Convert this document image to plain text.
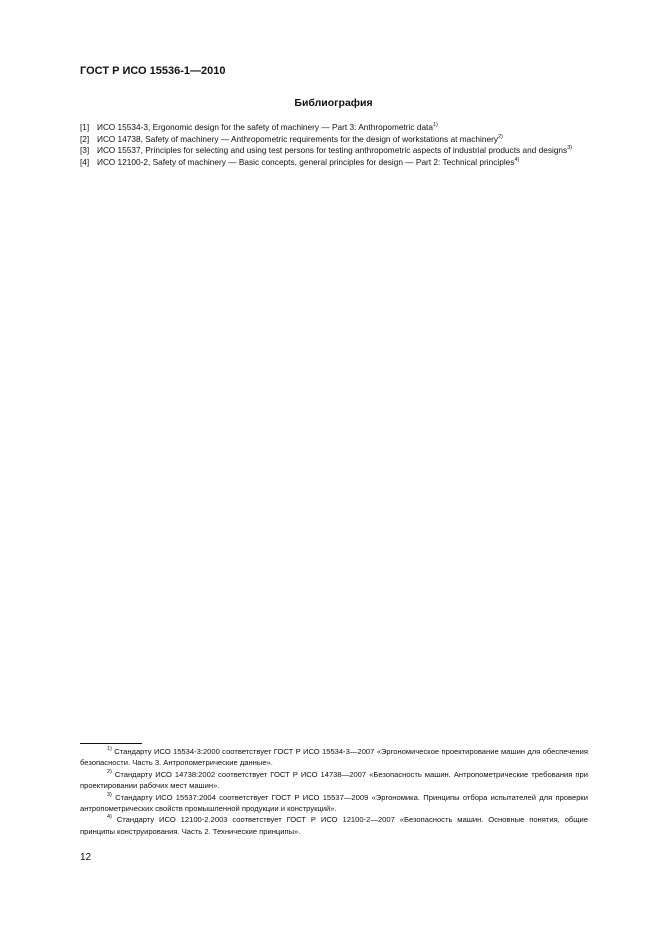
ГОСТ Р ИСО 15536-1—2010
Библиография
[1] ИСО 15534-3, Ergonomic design for the safety of machinery — Part 3: Anthropometric data$^{1)}$
[2] ИСО 14738, Safety of machinery — Anthropometric requirements for the design of workstations at machinery$^{2)}$
[3] ИСО 15537, Principles for selecting and using test persons for testing anthropometric aspects of industrial products and designs$^{3)}$
[4] ИСО 12100-2, Safety of machinery — Basic concepts, general principles for design — Part 2: Technical principles$^{4)}$
$^{1)}$ Стандарту ИСО 15534-3:2000 соответствует ГОСТ Р ИСО 15534-3—2007 «Эргономическое проектирование машин для обеспечения безопасности. Часть 3. Антропометрические данные».
$^{2)}$ Стандарту ИСО 14738:2002 соответствует ГОСТ Р ИСО 14738—2007 «Безопасность машин. Антропометрические требования при проектировании рабочих мест машин».
$^{3)}$ Стандарту ИСО 15537:2004 соответствует ГОСТ Р ИСО 15537—2009 «Эргономика. Принципы отбора испытателей для проверки антропометрических свойств промышленной продукции и конструкций».
$^{4)}$ Стандарту ИСО 12100-2.2003 соответствует ГОСТ Р ИСО 12100-2—2007 «Безопасность машин. Основные понятия, общие принципы конструирования. Часть 2. Технические принципы».
12
